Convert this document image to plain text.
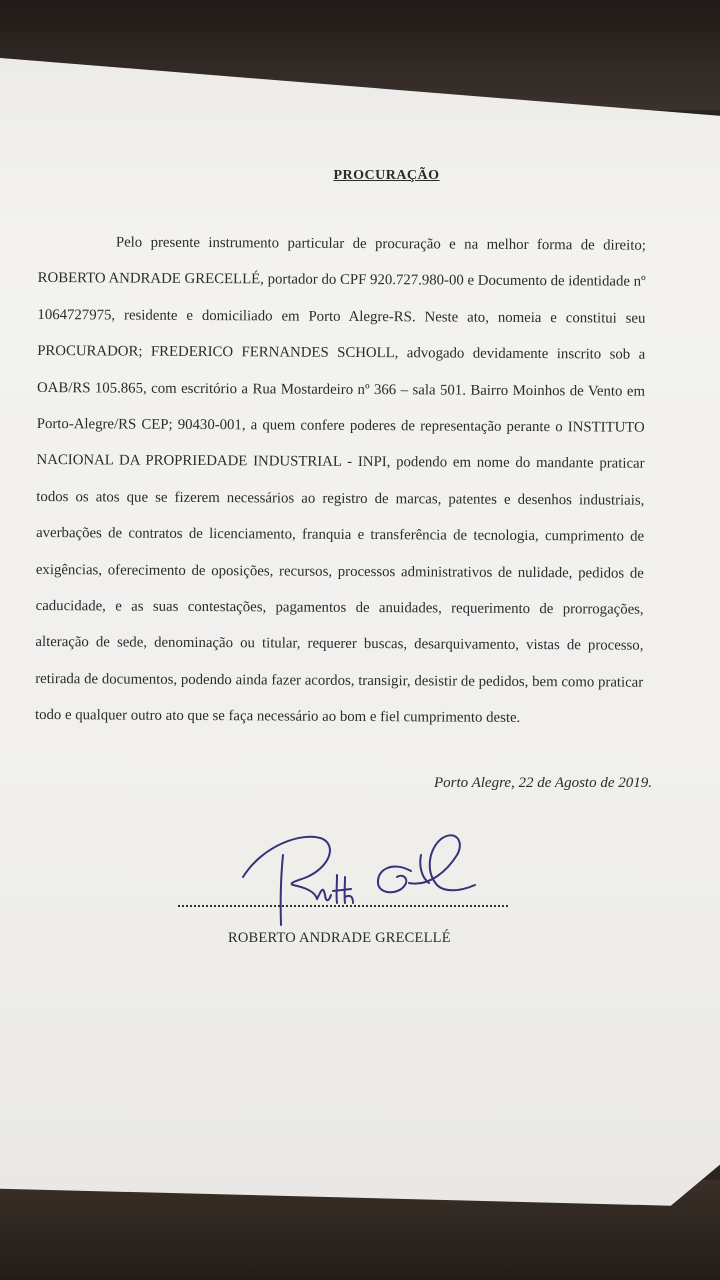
PROCURAÇÃO

Pelo presente instrumento particular de procuração e na melhor forma de direito; ROBERTO ANDRADE GRECELLÉ, portador do CPF 920.727.980-00 e Documento de identidade nº 1064727975, residente e domiciliado em Porto Alegre-RS. Neste ato, nomeia e constitui seu PROCURADOR; FREDERICO FERNANDES SCHOLL, advogado devidamente inscrito sob a OAB/RS 105.865, com escritório a Rua Mostardeiro nº 366 – sala 501. Bairro Moinhos de Vento em Porto-Alegre/RS CEP; 90430-001, a quem confere poderes de representação perante o INSTITUTO NACIONAL DA PROPRIEDADE INDUSTRIAL - INPI, podendo em nome do mandante praticar todos os atos que se fizerem necessários ao registro de marcas, patentes e desenhos industriais, averbações de contratos de licenciamento, franquia e transferência de tecnologia, cumprimento de exigências, oferecimento de oposições, recursos, processos administrativos de nulidade, pedidos de caducidade, e as suas contestações, pagamentos de anuidades, requerimento de prorrogações, alteração de sede, denominação ou titular, requerer buscas, desarquivamento, vistas de processo, retirada de documentos, podendo ainda fazer acordos, transigir, desistir de pedidos, bem como praticar todo e qualquer outro ato que se faça necessário ao bom e fiel cumprimento deste.

Porto Alegre, 22 de Agosto de 2019.
ROBERTO ANDRADE GRECELLÉ
